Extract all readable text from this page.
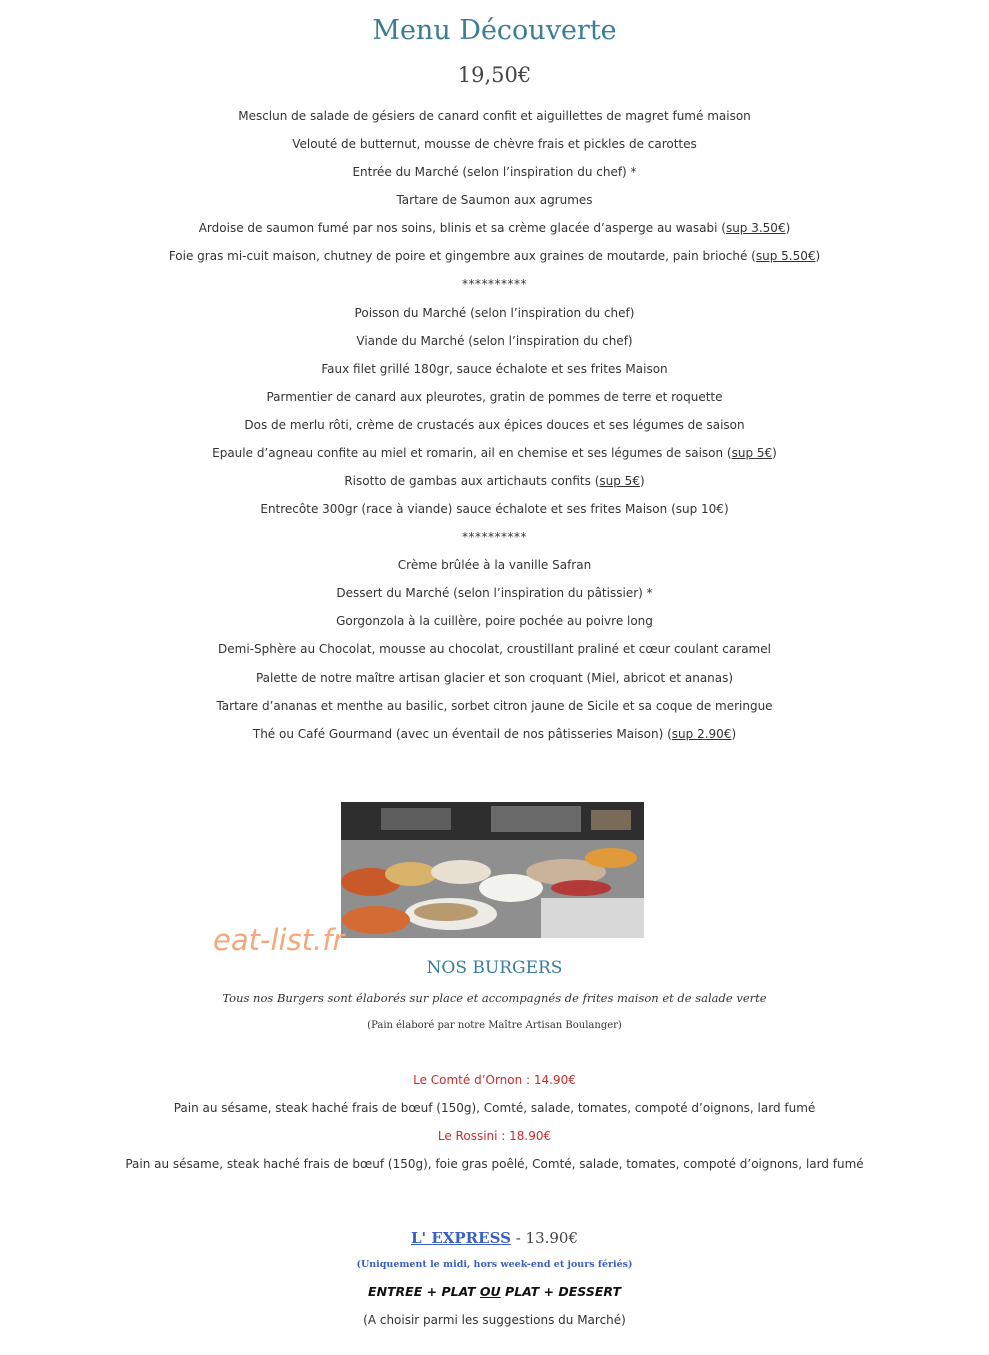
Menu Découverte
19,50€
Mesclun de salade de gésiers de canard confit et aiguillettes de magret fumé maison
Velouté de butternut, mousse de chèvre frais et pickles de carottes
Entrée du Marché (selon l’inspiration du chef) *
Tartare de Saumon aux agrumes
Ardoise de saumon fumé par nos soins, blinis et sa crème glacée d’asperge au wasabi (sup 3.50€)
Foie gras mi-cuit maison, chutney de poire et gingembre aux graines de moutarde, pain brioché (sup 5.50€)
**********
Poisson du Marché (selon l’inspiration du chef)
Viande du Marché (selon l’inspiration du chef)
Faux filet grillé 180gr, sauce échalote et ses frites Maison
Parmentier de canard aux pleurotes, gratin de pommes de terre et roquette
Dos de merlu rôti, crème de crustacés aux épices douces et ses légumes de saison
Epaule d’agneau confite au miel et romarin, ail en chemise et ses légumes de saison (sup 5€)
Risotto de gambas aux artichauts confits (sup 5€)
Entrecôte 300gr (race à viande) sauce échalote et ses frites Maison (sup 10€)
**********
Crème brûlée à la vanille Safran
Dessert du Marché (selon l’inspiration du pâtissier) *
Gorgonzola à la cuillère, poire pochée au poivre long
Demi-Sphère au Chocolat, mousse au chocolat, croustillant praliné et cœur coulant caramel
Palette de notre maître artisan glacier et son croquant (Miel, abricot et ananas)
Tartare d’ananas et menthe au basilic, sorbet citron jaune de Sicile et sa coque de meringue
Thé ou Café Gourmand (avec un éventail de nos pâtisseries Maison) (sup 2.90€)
eat-list.fr
NOS BURGERS
Tous nos Burgers sont élaborés sur place et accompagnés de frites maison et de salade verte
(Pain élaboré par notre Maître Artisan Boulanger)
Le Comté d’Ornon : 14.90€
Pain au sésame, steak haché frais de bœuf (150g), Comté, salade, tomates, compoté d’oignons, lard fumé
Le Rossini : 18.90€
Pain au sésame, steak haché frais de bœuf (150g), foie gras poêlé, Comté, salade, tomates, compoté d’oignons, lard fumé
L' EXPRESS - 13.90€
(Uniquement le midi, hors week-end et jours fériés)
ENTREE + PLAT OU PLAT + DESSERT
(A choisir parmi les suggestions du Marché)
